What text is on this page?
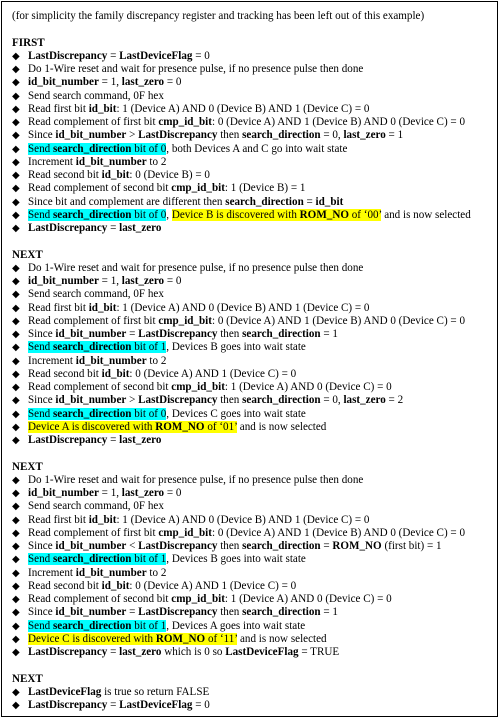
(for simplicity the family discrepancy register and tracking has been left out of this example)
FIRST
◆ LastDiscrepancy = LastDeviceFlag = 0
◆ Do 1-Wire reset and wait for presence pulse, if no presence pulse then done
◆ id_bit_number = 1, last_zero = 0
◆ Send search command, 0F hex
◆ Read first bit id_bit: 1 (Device A) AND 0 (Device B) AND 1 (Device C) = 0
◆ Read complement of first bit cmp_id_bit: 0 (Device A) AND 1 (Device B) AND 0 (Device C) = 0
◆ Since id_bit_number > LastDiscrepancy then search_direction = 0, last_zero = 1
◆ Send search_direction bit of 0, both Devices A and C go into wait state
◆ Increment id_bit_number to 2
◆ Read second bit id_bit: 0 (Device B) = 0
◆ Read complement of second bit cmp_id_bit: 1 (Device B) = 1
◆ Since bit and complement are different then search_direction = id_bit
◆ Send search_direction bit of 0, Device B is discovered with ROM_NO of ‘00’ and is now selected
◆ LastDiscrepancy = last_zero
NEXT
◆ Do 1-Wire reset and wait for presence pulse, if no presence pulse then done
◆ id_bit_number = 1, last_zero = 0
◆ Send search command, 0F hex
◆ Read first bit id_bit: 1 (Device A) AND 0 (Device B) AND 1 (Device C) = 0
◆ Read complement of first bit cmp_id_bit: 0 (Device A) AND 1 (Device B) AND 0 (Device C) = 0
◆ Since id_bit_number = LastDiscrepancy then search_direction = 1
◆ Send search_direction bit of 1, Devices B goes into wait state
◆ Increment id_bit_number to 2
◆ Read second bit id_bit: 0 (Device A) AND 1 (Device C) = 0
◆ Read complement of second bit cmp_id_bit: 1 (Device A) AND 0 (Device C) = 0
◆ Since id_bit_number > LastDiscrepancy then search_direction = 0, last_zero = 2
◆ Send search_direction bit of 0, Devices C goes into wait state
◆ Device A is discovered with ROM_NO of ‘01’ and is now selected
◆ LastDiscrepancy = last_zero
NEXT
◆ Do 1-Wire reset and wait for presence pulse, if no presence pulse then done
◆ id_bit_number = 1, last_zero = 0
◆ Send search command, 0F hex
◆ Read first bit id_bit: 1 (Device A) AND 0 (Device B) AND 1 (Device C) = 0
◆ Read complement of first bit cmp_id_bit: 0 (Device A) AND 1 (Device B) AND 0 (Device C) = 0
◆ Since id_bit_number < LastDiscrepancy then search_direction = ROM_NO (first bit) = 1
◆ Send search_direction bit of 1, Devices B goes into wait state
◆ Increment id_bit_number to 2
◆ Read second bit id_bit: 0 (Device A) AND 1 (Device C) = 0
◆ Read complement of second bit cmp_id_bit: 1 (Device A) AND 0 (Device C) = 0
◆ Since id_bit_number = LastDiscrepancy then search_direction = 1
◆ Send search_direction bit of 1, Devices A goes into wait state
◆ Device C is discovered with ROM_NO of ‘11’ and is now selected
◆ LastDiscrepancy = last_zero which is 0 so LastDeviceFlag = TRUE
NEXT
◆ LastDeviceFlag is true so return FALSE
◆ LastDiscrepancy = LastDeviceFlag = 0
